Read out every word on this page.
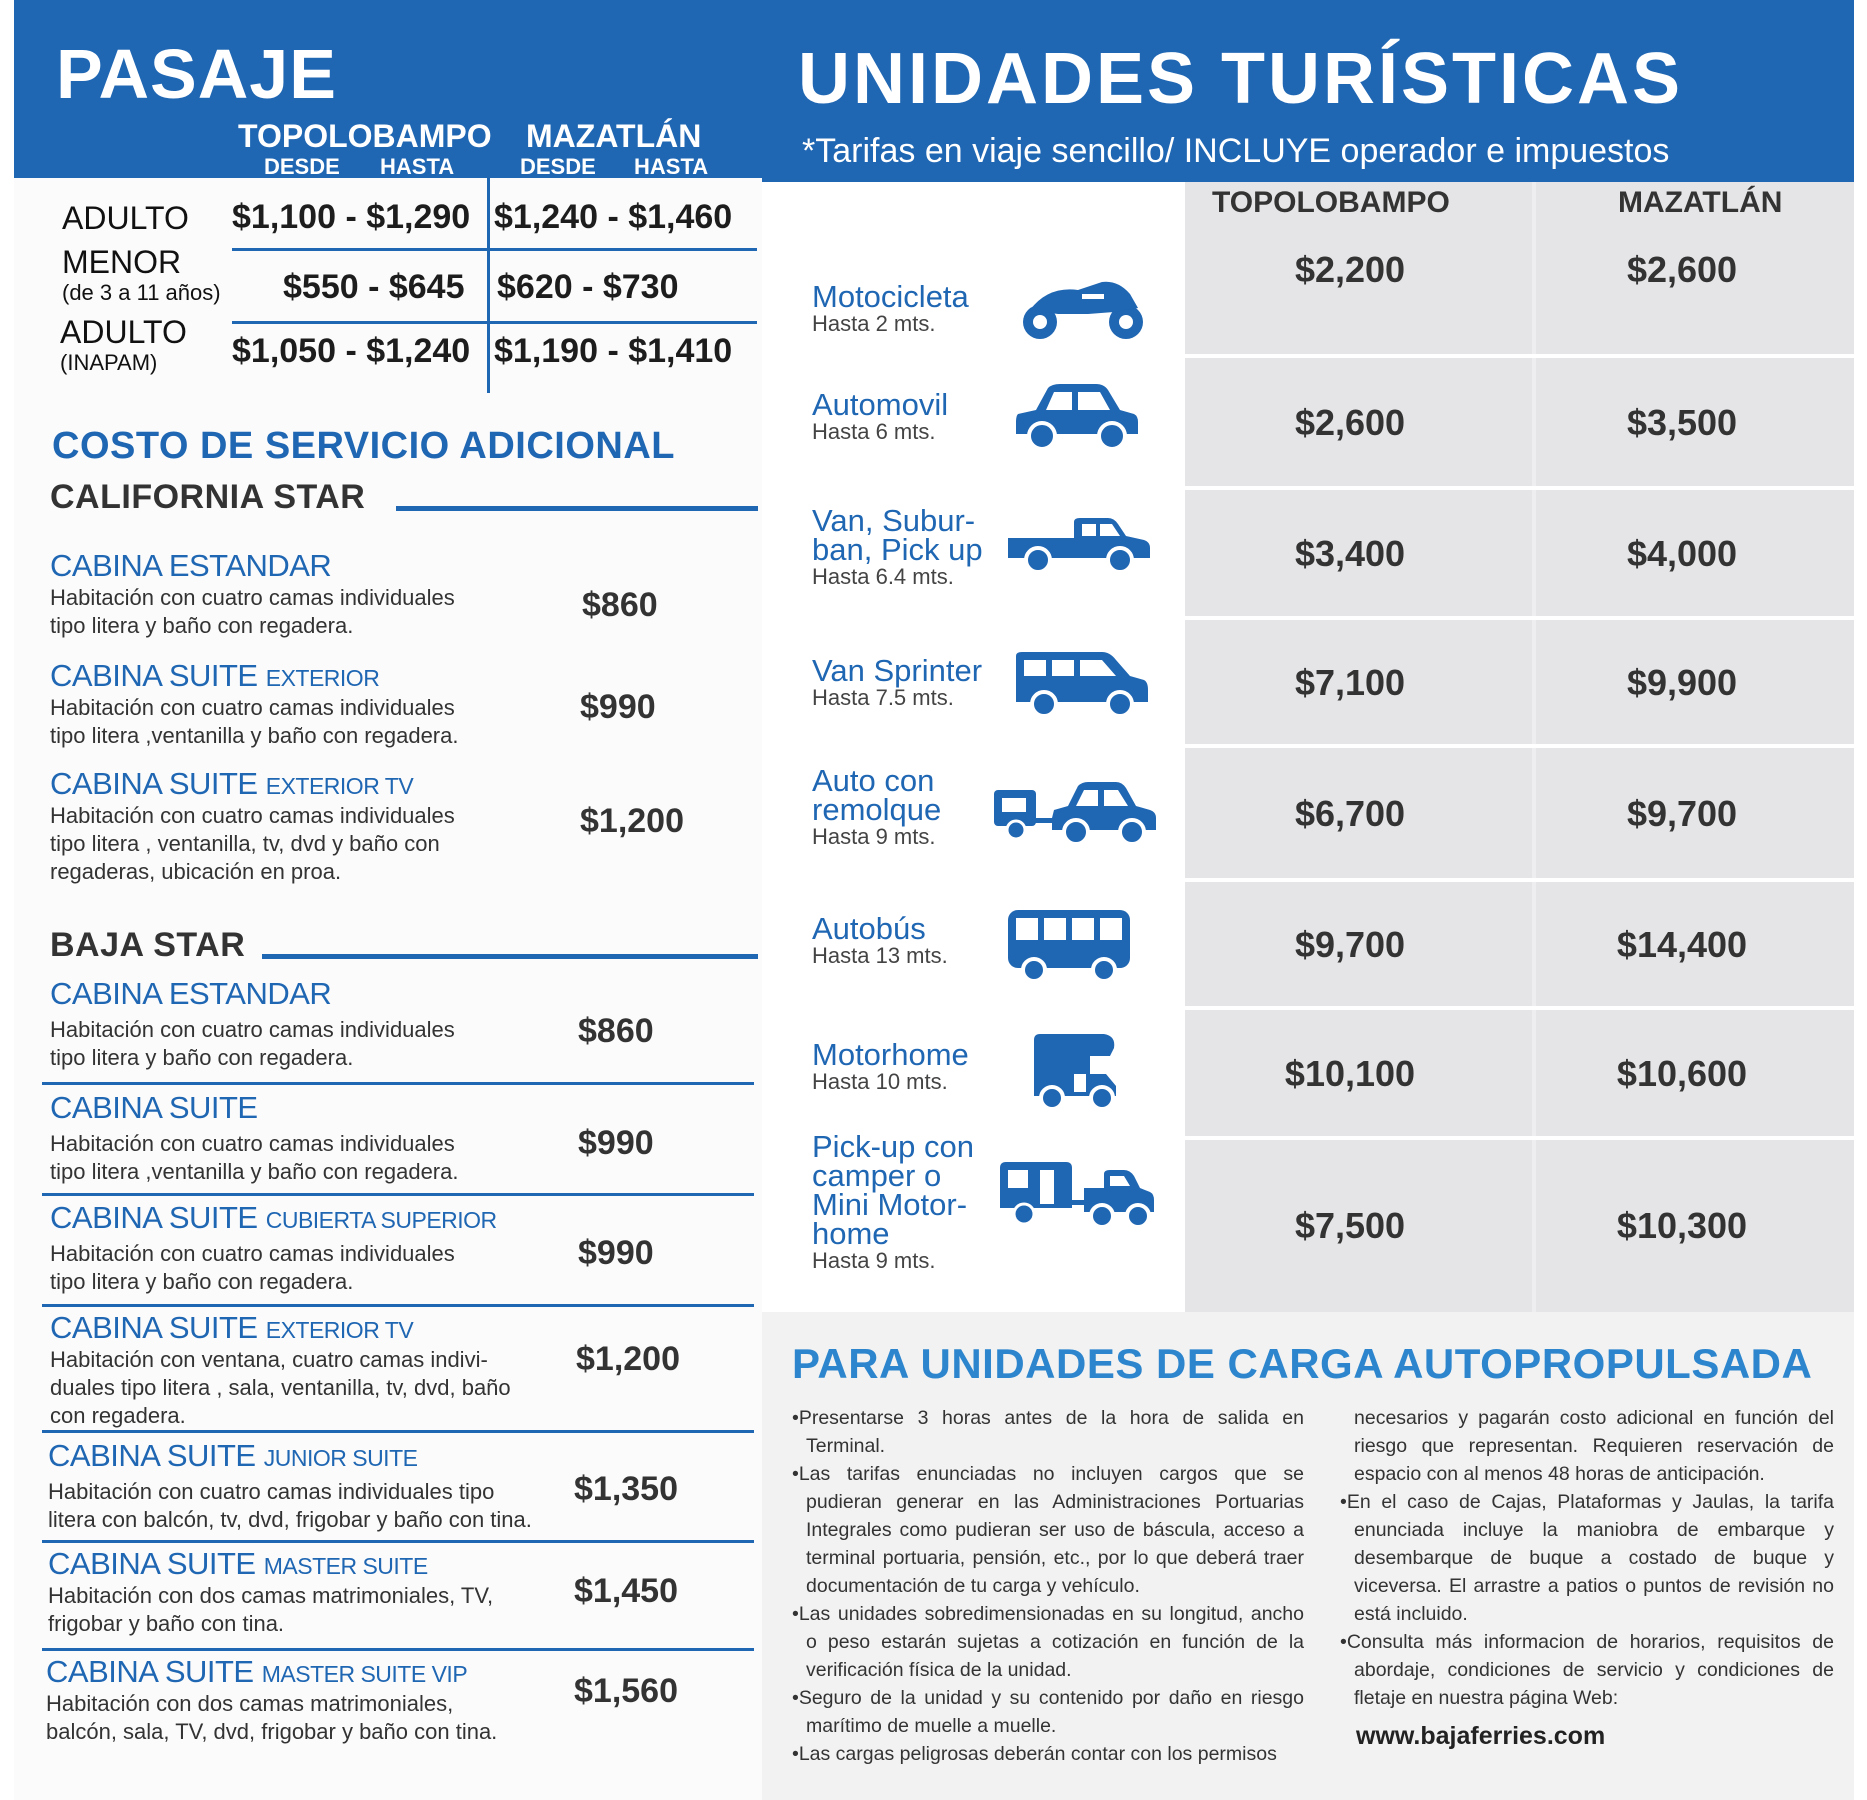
PASAJE
TOPOLOBAMPO MAZATLÁN
DESDE HASTA	DESDE HASTA
ADULTO $1,100 - $1,290 $1,240 - $1,460
MENOR
(de 3 a 11 años) $550 - $645 $620 - $730
ADULTO
(INAPAM) $1,050 - $1,240 $1,190 - $1,410
COSTO DE SERVICIO ADICIONAL
CALIFORNIA STAR
CABINA ESTANDAR
Habitación con cuatro camas individuales
tipo litera y baño con regadera.
$860
CABINA SUITE EXTERIOR
Habitación con cuatro camas individuales
tipo litera ,ventanilla y baño con regadera.
$990
CABINA SUITE EXTERIOR TV
Habitación con cuatro camas individuales
tipo litera , ventanilla, tv, dvd y baño con
regaderas, ubicación en proa.
$1,200
BAJA STAR
CABINA ESTANDAR
Habitación con cuatro camas individuales
tipo litera y baño con regadera.
$860
CABINA SUITE
Habitación con cuatro camas individuales
tipo litera ,ventanilla y baño con regadera.
$990
CABINA SUITE CUBIERTA SUPERIOR
Habitación con cuatro camas individuales
tipo litera y baño con regadera.
$990
CABINA SUITE EXTERIOR TV
Habitación con ventana, cuatro camas indivi-
duales tipo litera , sala, ventanilla, tv, dvd, baño
con regadera.
$1,200
CABINA SUITE JUNIOR SUITE
Habitación con cuatro camas individuales tipo
litera con balcón, tv, dvd, frigobar y baño con tina.
$1,350
CABINA SUITE MASTER SUITE
Habitación con dos camas matrimoniales, TV,
frigobar y baño con tina.
$1,450
CABINA SUITE MASTER SUITE VIP
Habitación con dos camas matrimoniales,
balcón, sala, TV, dvd, frigobar y baño con tina.
$1,560
UNIDADES TURÍSTICAS
*Tarifas en viaje sencillo/ INCLUYE operador e impuestos
TOPOLOBAMPO	MAZATLÁN
Motocicleta
Hasta 2 mts.
$2,200	$2,600
Automovil
Hasta 6 mts.	$2,600	$3,500
Van, Subur-
ban, Pick up
Hasta 6.4 mts.
$3,400	$4,000
Van Sprinter
Hasta 7.5 mts.	$7,100	$9,900
Auto con
remolque
Hasta 9 mts.
$6,700	$9,700
Autobús
Hasta 13 mts.	$9,700	$14,400
Motorhome
Hasta 10 mts.	$10,100	$10,600
Pick-up con
camper o
Mini Motor-
home
Hasta 9 mts.
$7,500	$10,300
PARA UNIDADES DE CARGA AUTOPROPULSADA

•Presentarse 3 horas antes de la hora de salida en Terminal.

•Las tarifas enunciadas no incluyen cargos que se pudieran generar en las Administraciones Portuarias Integrales como pudieran ser uso de báscula, acceso a terminal portuaria, pensión, etc., por lo que deberá traer documentación de tu carga y vehículo.

•Las unidades sobredimensionadas en su longitud, ancho o peso estarán sujetas a cotización en función de la verificación física de la unidad.

•Seguro de la unidad y su contenido por daño en riesgo marítimo de muelle a muelle.

•Las cargas peligrosas deberán contar con los permisos

necesarios y pagarán costo adicional en función del riesgo que representan. Requieren reservación de espacio con al menos 48 horas de anticipación.

•En el caso de Cajas, Plataformas y Jaulas, la tarifa enunciada incluye la maniobra de embarque y desembarque de buque a costado de buque y viceversa. El arrastre a patios o puntos de revisión no está incluido.

•Consulta más informacion de horarios, requisitos de abordaje, condiciones de servicio y condiciones de fletaje en nuestra página Web:

www.bajaferries.com
